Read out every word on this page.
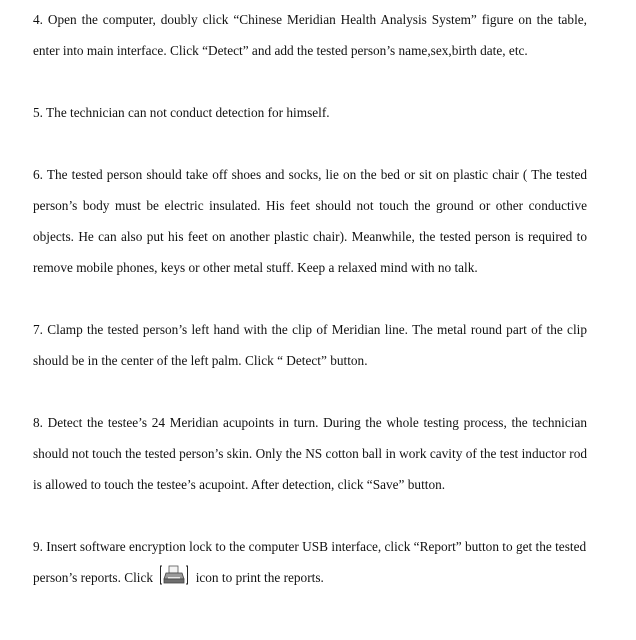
4. Open the computer, doubly click “Chinese Meridian Health Analysis System” figure on the table, enter into main interface. Click “Detect” and add the tested person’s name,sex,birth date, etc.

5. The technician can not conduct detection for himself.

6. The tested person should take off shoes and socks, lie on the bed or sit on plastic chair ( The tested person’s body must be electric insulated. His feet should not touch the ground or other conductive objects. He can also put his feet on another plastic chair). Meanwhile, the tested person is required to remove mobile phones, keys or other metal stuff. Keep a relaxed mind with no talk.

7. Clamp the tested person’s left hand with the clip of Meridian line. The metal round part of the clip should be in the center of the left palm. Click “ Detect” button.

8. Detect the testee’s 24 Meridian acupoints in turn. During the whole testing process, the technician should not touch the tested person’s skin. Only the NS cotton ball in work cavity of the test inductor rod is allowed to touch the testee’s acupoint. After detection, click “Save” button.

9. Insert software encryption lock to the computer USB interface, click “Report” button to get the tested person’s reports. Click	icon to print the reports.
